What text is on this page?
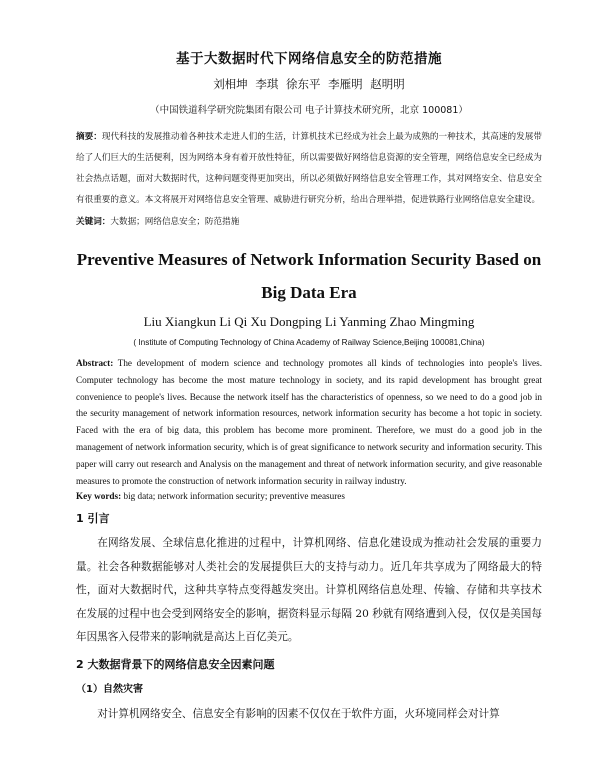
基于大数据时代下网络信息安全的防范措施
刘相坤 李琪 徐东平 李雁明 赵明明
（中国铁道科学研究院集团有限公司 电子计算技术研究所，北京 100081）

摘要：现代科技的发展推动着各种技术走进人们的生活，计算机技术已经成为社会上最为成熟的一种技术，其高速的发展带给了人们巨大的生活便利，因为网络本身有着开放性特征，所以需要做好网络信息资源的安全管理，网络信息安全已经成为社会热点话题，面对大数据时代，这种问题变得更加突出，所以必须做好网络信息安全管理工作，其对网络安全、信息安全有很重要的意义。本文将展开对网络信息安全管理、威胁进行研究分析，给出合理举措，促进铁路行业网络信息安全建设。

关键词：大数据；网络信息安全；防范措施

Preventive Measures of Network Information Security Based on Big Data Era
Liu Xiangkun Li Qi Xu Dongping Li Yanming Zhao Mingming
( Institute of Computing Technology of China Academy of Railway Science,Beijing 100081,China)

Abstract: The development of modern science and technology promotes all kinds of technologies into people's lives. Computer technology has become the most mature technology in society, and its rapid development has brought great convenience to people's lives. Because the network itself has the characteristics of openness, so we need to do a good job in the security management of network information resources, network information security has become a hot topic in society. Faced with the era of big data, this problem has become more prominent. Therefore, we must do a good job in the management of network information security, which is of great significance to network security and information security. This paper will carry out research and Analysis on the management and threat of network information security, and give reasonable measures to promote the construction of network information security in railway industry.

Key words: big data; network information security; preventive measures

1 引言

在网络发展、全球信息化推进的过程中，计算机网络、信息化建设成为推动社会发展的重要力量。社会各种数据能够对人类社会的发展提供巨大的支持与动力。近几年共享成为了网络最大的特性，面对大数据时代，这种共享特点变得越发突出。计算机网络信息处理、传输、存储和共享技术在发展的过程中也会受到网络安全的影响，据资料显示每隔 20 秒就有网络遭到入侵，仅仅是美国每年因黑客入侵带来的影响就是高达上百亿美元。

2 大数据背景下的网络信息安全因素问题
（1）自然灾害

对计算机网络安全、信息安全有影响的因素不仅仅在于软件方面，火环境同样会对计算
